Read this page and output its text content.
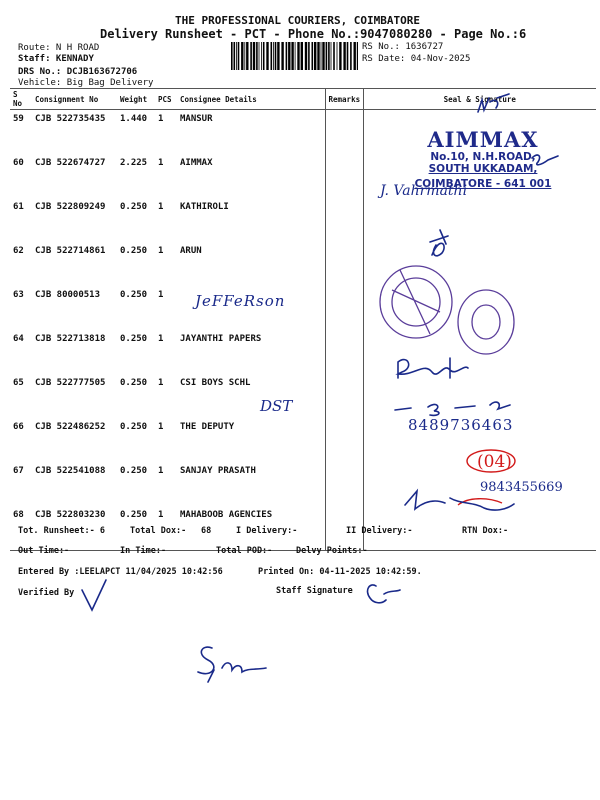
THE PROFESSIONAL COURIERS, COIMBATORE
Delivery Runsheet - PCT - Phone No.:9047080280 - Page No.:6
Route: N H ROAD
Staff: KENNADY
DRS No.: DCJB163672706
Vehicle: Big Bag Delivery
RS No.: 1636727
RS Date: 04-Nov-2025
S No	Consignment No	Weight	PCS	Consignee Details	Remarks	Seal & Signature
59	CJB 522735435	1.440	1	MANSUR		
60	CJB 522674727	2.225	1	AIMMAX		
61	CJB 522809249	0.250	1	KATHIROLI		
62	CJB 522714861	0.250	1	ARUN		
63	CJB 80000513	0.250	1			
64	CJB 522713818	0.250	1	JAYANTHI PAPERS		
65	CJB 522777505	0.250	1	CSI BOYS SCHL		
66	CJB 522486252	0.250	1	THE DEPUTY		
67	CJB 522541088	0.250	1	SANJAY PRASATH		
68	CJB 522803230	0.250	1	MAHABOOB AGENCIES		
AIMMAX
No.10, N.H.ROAD,
SOUTH UKKADAM,
COIMBATORE - 641 001
J. Vahrmathi
JeFFeRson
DST
8489736463
9843455669
(04)
Tot. Runsheet:- 6	Total Dox:- 68	I Delivery:-	II Delivery:-	RTN Dox:-
Out Time:-	In Time:-	Total POD:-	Delvy Points:-
Entered By :LEELAPCT 11/04/2025 10:42:56	Printed On: 04-11-2025 10:42:59.
Verified By	Staff Signature
